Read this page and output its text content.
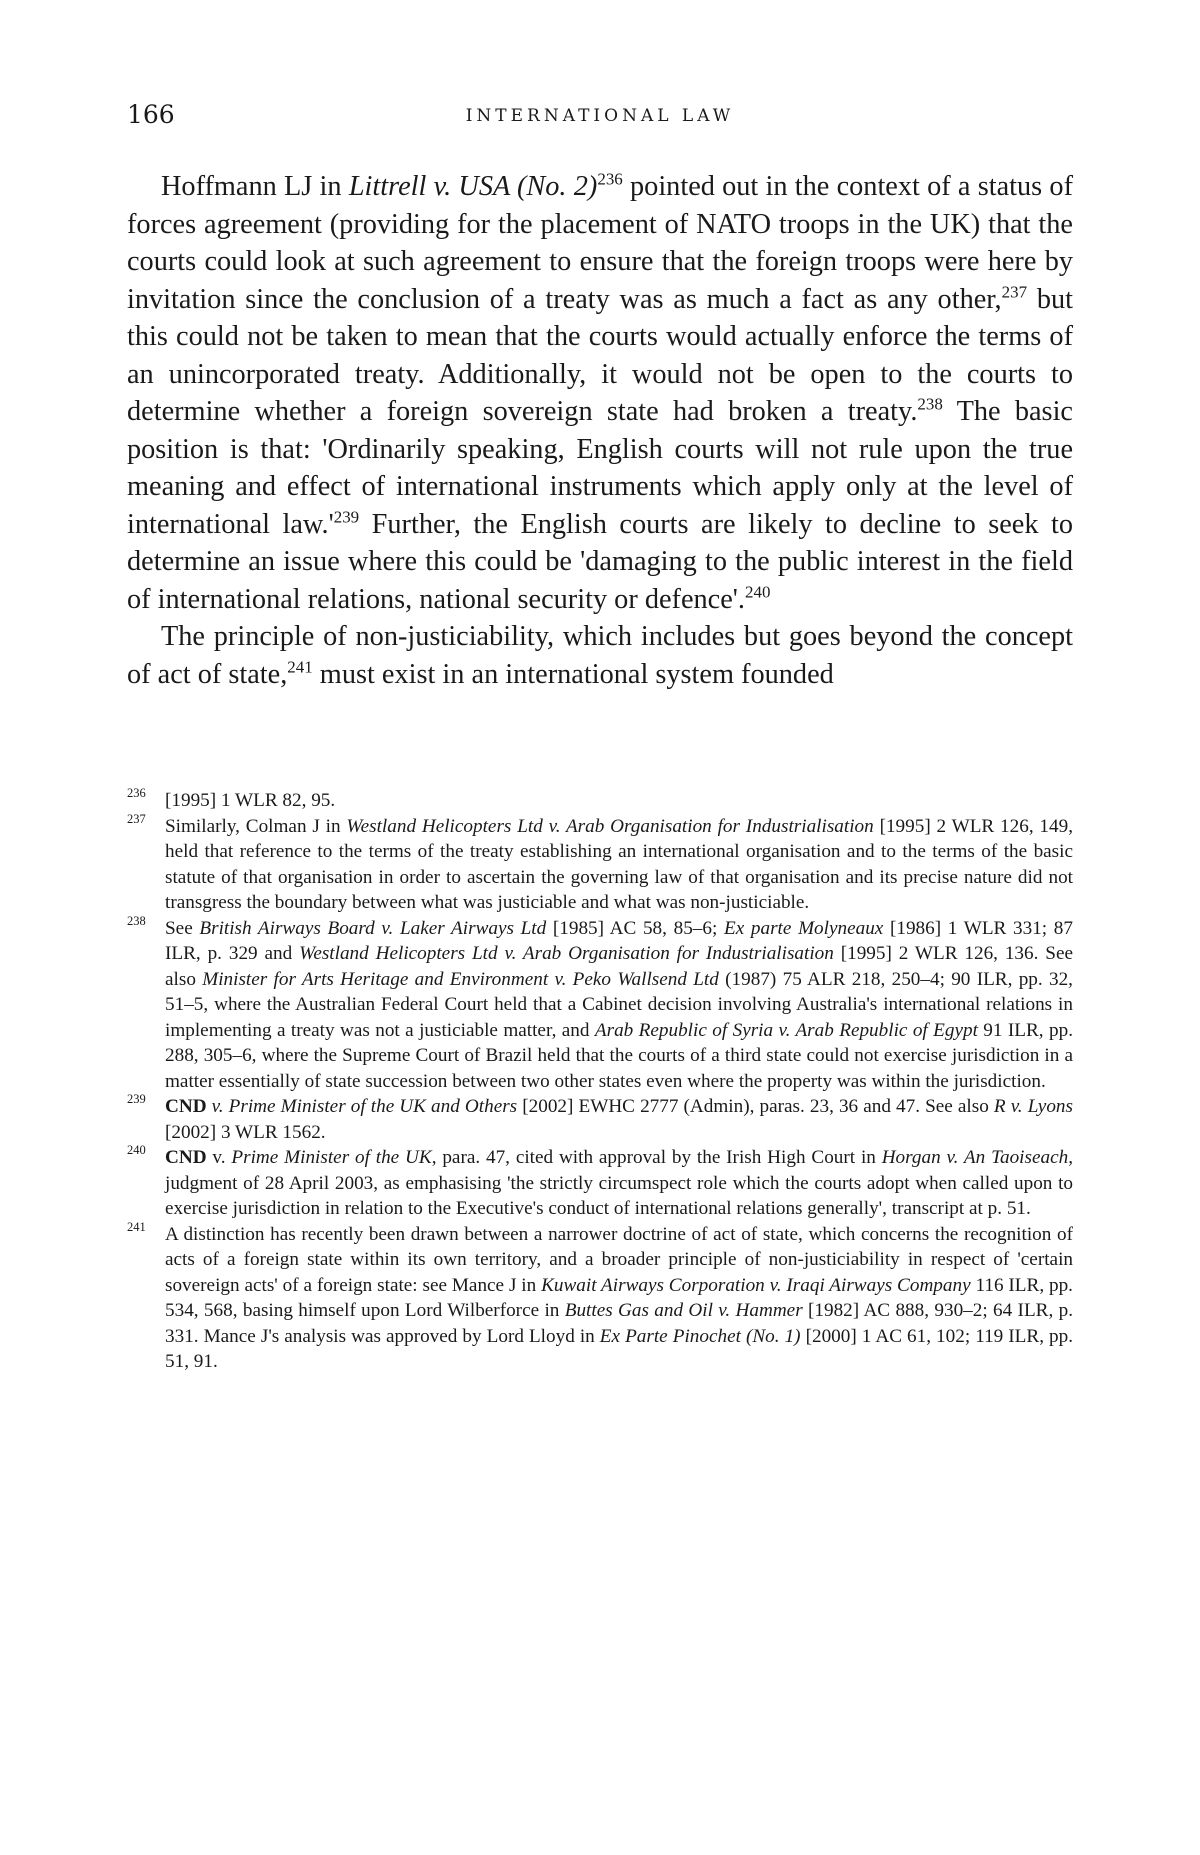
166	INTERNATIONAL LAW

Hoffmann LJ in Littrell v. USA (No. 2)$^{236}$ pointed out in the context of a status of forces agreement (providing for the placement of NATO troops in the UK) that the courts could look at such agreement to ensure that the foreign troops were here by invitation since the conclusion of a treaty was as much a fact as any other,$^{237}$ but this could not be taken to mean that the courts would actually enforce the terms of an unincorporated treaty. Additionally, it would not be open to the courts to determine whether a foreign sovereign state had broken a treaty.$^{238}$ The basic position is that: 'Ordinarily speaking, English courts will not rule upon the true meaning and effect of international instruments which apply only at the level of international $law.'^{239}$ Further, the English courts are likely to decline to seek to determine an issue where this could be 'damaging to the public interest in the field of international relations, national security or defence'.$^{240}$

The principle of non-justiciability, which includes but goes beyond the concept of act of state,$^{241}$ must exist in an international system founded

236 [1995] 1 WLR 82, 95.
237 Similarly, Colman J in Westland Helicopters Ltd v. Arab Organisation for Industrialisation [1995] 2 WLR 126, 149, held that reference to the terms of the treaty establishing an international organisation and to the terms of the basic statute of that organisation in order to ascertain the governing law of that organisation and its precise nature did not transgress the boundary between what was justiciable and what was non-justiciable.
238 See British Airways Board v. Laker Airways Ltd [1985] AC 58, 85–6; Ex parte Molyneaux [1986] 1 WLR 331; 87 ILR, p. 329 and Westland Helicopters Ltd v. Arab Organisation for Industrialisation [1995] 2 WLR 126, 136. See also Minister for Arts Heritage and Environment v. Peko Wallsend Ltd (1987) 75 ALR 218, 250–4; 90 ILR, pp. 32, 51–5, where the Australian Federal Court held that a Cabinet decision involving Australia's international relations in implementing a treaty was not a justiciable matter, and Arab Republic of Syria v. Arab Republic of Egypt 91 ILR, pp. 288, 305–6, where the Supreme Court of Brazil held that the courts of a third state could not exercise jurisdiction in a matter essentially of state succession between two other states even where the property was within the jurisdiction.
239 CND v. Prime Minister of the UK and Others [2002] EWHC 2777 (Admin), paras. 23, 36 and 47. See also R v. Lyons [2002] 3 WLR 1562.
240 CND v. Prime Minister of the UK, para. 47, cited with approval by the Irish High Court in Horgan v. An Taoiseach, judgment of 28 April 2003, as emphasising 'the strictly circumspect role which the courts adopt when called upon to exercise jurisdiction in relation to the Executive's conduct of international relations generally', transcript at p. 51.
241 A distinction has recently been drawn between a narrower doctrine of act of state, which concerns the recognition of acts of a foreign state within its own territory, and a broader principle of non-justiciability in respect of 'certain sovereign acts' of a foreign state: see Mance J in Kuwait Airways Corporation v. Iraqi Airways Company 116 ILR, pp. 534, 568, basing himself upon Lord Wilberforce in Buttes Gas and Oil v. Hammer [1982] AC 888, 930–2; 64 ILR, p. 331. Mance J's analysis was approved by Lord Lloyd in Ex Parte Pinochet (No. 1) [2000] 1 AC 61, 102; 119 ILR, pp. 51, 91.
